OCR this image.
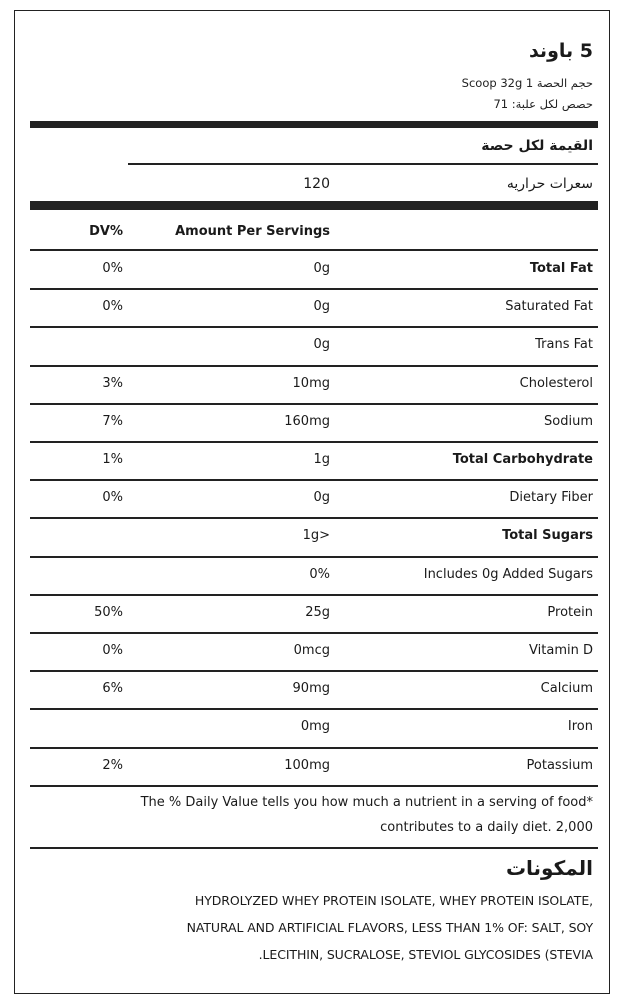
5 باوند
Scoop 32g 1 حجم الحصة
حصص لكل علبة: 71
القيمة لكل حصة
سعرات حراريه
120
DV%	Amount Per Servings
Total Fat
0g
0%
Saturated Fat
0g
0%
Trans Fat
0g
Cholesterol
10mg
3%
Sodium
160mg
7%
Total Carbohydrate
1g
1%
Dietary Fiber
0g
0%
Total Sugars
1g>
Includes 0g Added Sugars
0%
Protein
25g
50%
Vitamin D
0mcg
0%
Calcium
90mg
6%
Iron
0mg
Potassium
100mg
2%
The % Daily Value tells you how much a nutrient in a serving of food*
contributes to a daily diet. 2,000
المكونات
HYDROLYZED WHEY PROTEIN ISOLATE, WHEY PROTEIN ISOLATE,
NATURAL AND ARTIFICIAL FLAVORS, LESS THAN 1% OF: SALT, SOY
.LECITHIN, SUCRALOSE, STEVIOL GLYCOSIDES (STEVIA
